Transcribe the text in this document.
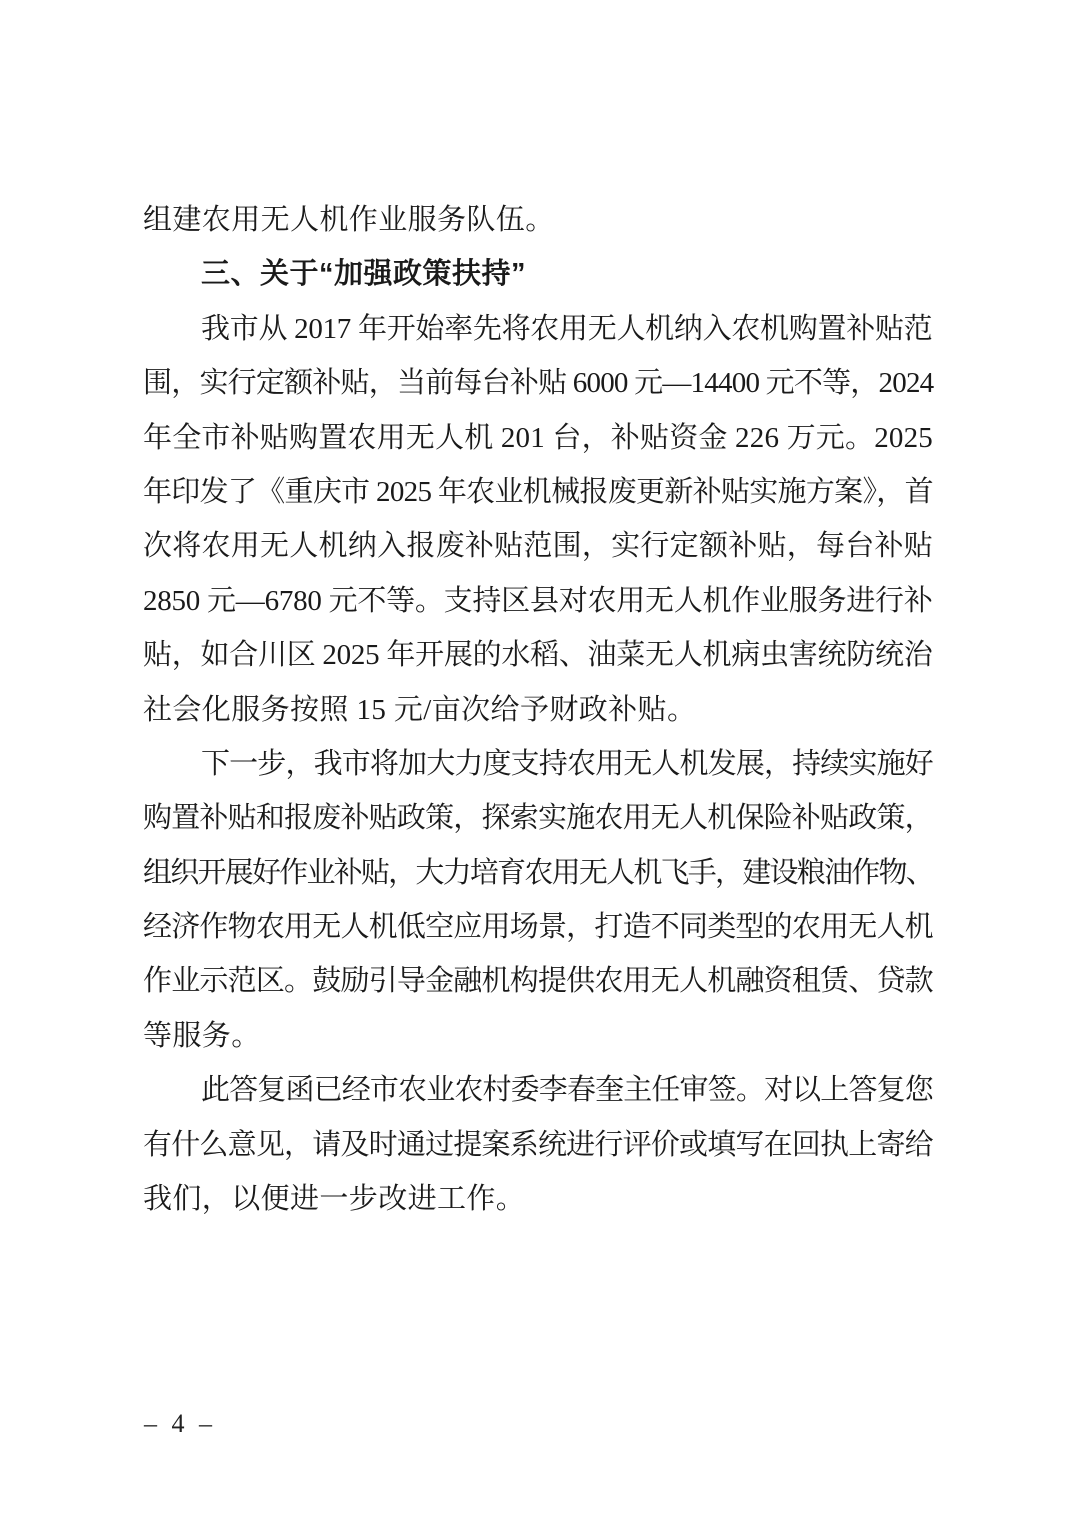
组建农用无人机作业服务队伍。
三、关于“加强政策扶持”
我市从 2017 年开始率先将农用无人机纳入农机购置补贴范
围，实行定额补贴，当前每台补贴 6000 元—14400 元不等，2024
年全市补贴购置农用无人机 201 台，补贴资金 226 万元。2025
年印发了《重庆市 2025 年农业机械报废更新补贴实施方案》，首
次将农用无人机纳入报废补贴范围，实行定额补贴，每台补贴
2850 元—6780 元不等。支持区县对农用无人机作业服务进行补
贴，如合川区 2025 年开展的水稻、油菜无人机病虫害统防统治
社会化服务按照 15 元/亩次给予财政补贴。
下一步，我市将加大力度支持农用无人机发展，持续实施好
购置补贴和报废补贴政策，探索实施农用无人机保险补贴政策，
组织开展好作业补贴，大力培育农用无人机飞手，建设粮油作物、
经济作物农用无人机低空应用场景，打造不同类型的农用无人机
作业示范区。鼓励引导金融机构提供农用无人机融资租赁、贷款
等服务。
此答复函已经市农业农村委李春奎主任审签。对以上答复您
有什么意见，请及时通过提案系统进行评价或填写在回执上寄给
我们，以便进一步改进工作。
– 4 –
